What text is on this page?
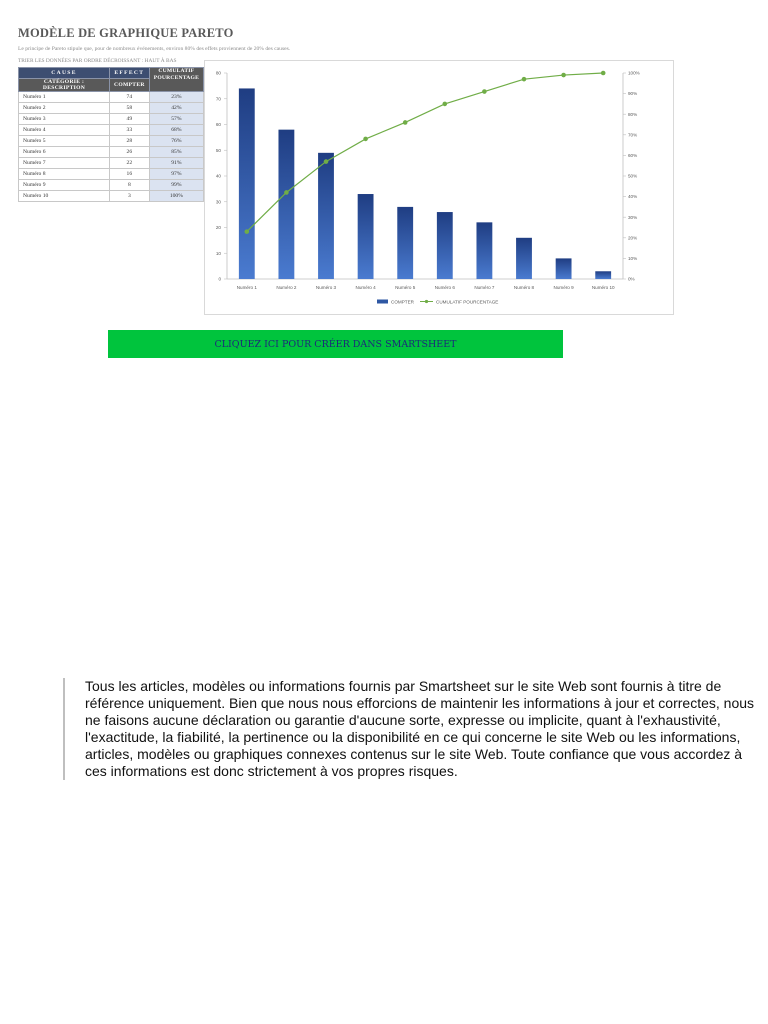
MODÈLE DE GRAPHIQUE PARETO
Le principe de Pareto stipule que, pour de nombreux événements, environ 80% des effets proviennent de 20% des causes.
TRIER LES DONNÉES PAR ORDRE DÉCROISSANT : HAUT À BAS
CAUSE	EFFECT	CUMULATIF POURCENTAGE
CATÉGORIE : DESCRIPTION	COMPTER	
Numéro 1	74	23%
Numéro 2	58	42%
Numéro 3	49	57%
Numéro 4	33	68%
Numéro 5	28	76%
Numéro 6	26	85%
Numéro 7	22	91%
Numéro 8	16	97%
Numéro 9	8	99%
Numéro 10	3	100%
0
10
20
30
40
50
60
70
80
0%
10%
20%
30%
40%
50%
60%
70%
80%
90%
100%
Numéro 1	Numéro 2	Numéro 3	Numéro 4	Numéro 5	Numéro 6	Numéro 7	Numéro 8	Numéro 9	Numéro 10
COMPTER	CUMULATIF POURCENTAGE
CLIQUEZ ICI POUR CRÉER DANS SMARTSHEET
Tous les articles, modèles ou informations fournis par Smartsheet sur le site Web sont fournis à titre de référence uniquement. Bien que nous nous efforcions de maintenir les informations à jour et correctes, nous ne faisons aucune déclaration ou garantie d'aucune sorte, expresse ou implicite, quant à l'exhaustivité, l'exactitude, la fiabilité, la pertinence ou la disponibilité en ce qui concerne le site Web ou les informations, articles, modèles ou graphiques connexes contenus sur le site Web. Toute confiance que vous accordez à ces informations est donc strictement à vos propres risques.
